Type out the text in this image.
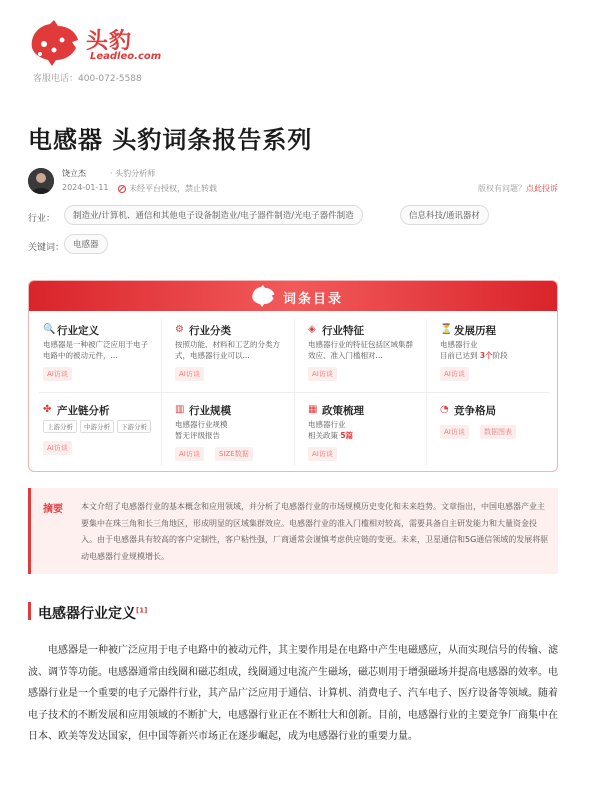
头豹
Leadleo.com
客服电话：400-072-5588
电感器 头豹词条报告系列
饶立杰	· 头豹分析师
2024-01-11	未经平台授权，禁止转载	版权有问题？点此投诉
行业：	制造业/计算机、通信和其他电子设备制造业/电子器件制造/光电子器件制造	信息科技/通讯器材
关键词：	电感器
词条目录
🔍 行业定义
电感器是一种被广泛应用于电子电路中的被动元件，...
AI访谈
⚙ 行业分类
按照功能、材料和工艺的分类方式，电感器行业可以...
AI访谈
◈ 行业特征
电感器行业的特征包括区域集群效应、准入门槛相对...
AI访谈
⏳ 发展历程
电感器行业
目前已达到 3个阶段
AI访谈
✤ 产业链分析
上游分析	中游分析	下游分析
AI访谈
▥ 行业规模
电感器行业规模
暂无评级报告
AI访谈	SIZE数据
▦ 政策梳理
电感器行业
相关政策 5篇
AI访谈
◔ 竞争格局
AI访谈	数据图表
摘要 本文介绍了电感器行业的基本概念和应用领域，并分析了电感器行业的市场规模历史变化和未来趋势。文章指出，中国电感器产业主要集中在珠三角和长三角地区，形成明显的区域集群效应。电感器行业的准入门槛相对较高，需要具备自主研发能力和大量资金投入。由于电感器具有较高的客户定制性，客户粘性强，厂商通常会谨慎考虑供应链的变更。未来，卫星通信和5G通信领域的发展将驱动电感器行业规模增长。
电感器行业定义[1]

电感器是一种被广泛应用于电子电路中的被动元件，其主要作用是在电路中产生电磁感应，从而实现信号的传输、滤波、调节等功能。电感器通常由线圈和磁芯组成，线圈通过电流产生磁场，磁芯则用于增强磁场并提高电感器的效率。电感器行业是一个重要的电子元器件行业，其产品广泛应用于通信、计算机、消费电子、汽车电子、医疗设备等领域。随着电子技术的不断发展和应用领域的不断扩大，电感器行业正在不断壮大和创新。目前，电感器行业的主要竞争厂商集中在日本、欧美等发达国家，但中国等新兴市场正在逐步崛起，成为电感器行业的重要力量。
